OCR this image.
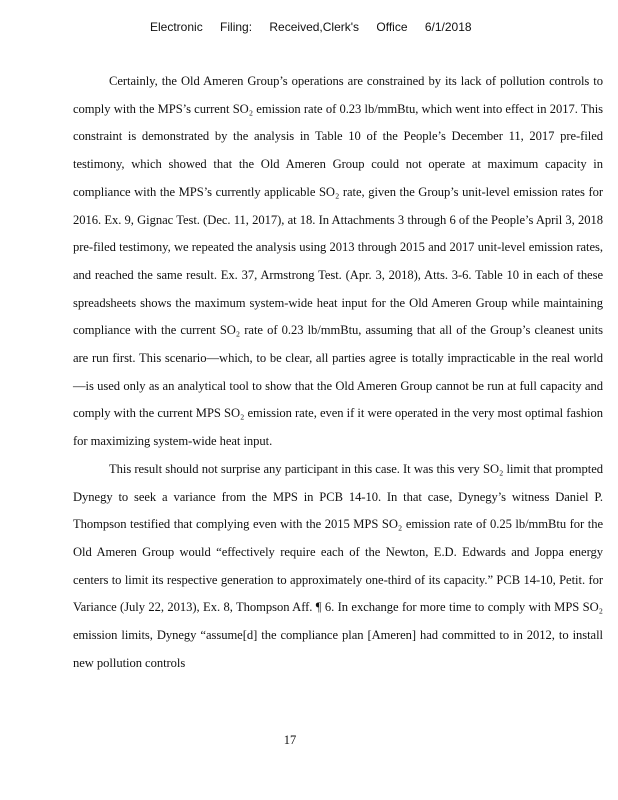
Electronic Filing: Received,Clerk's Office 6/1/2018

Certainly, the Old Ameren Group’s operations are constrained by its lack of pollution controls to comply with the MPS’s current SO₂ emission rate of 0.23 lb/mmBtu, which went into effect in 2017. This constraint is demonstrated by the analysis in Table 10 of the People’s December 11, 2017 pre-filed testimony, which showed that the Old Ameren Group could not operate at maximum capacity in compliance with the MPS’s currently applicable SO₂ rate, given the Group’s unit-level emission rates for 2016. Ex. 9, Gignac Test. (Dec. 11, 2017), at 18. In Attachments 3 through 6 of the People’s April 3, 2018 pre-filed testimony, we repeated the analysis using 2013 through 2015 and 2017 unit-level emission rates, and reached the same result. Ex. 37, Armstrong Test. (Apr. 3, 2018), Atts. 3-6. Table 10 in each of these spreadsheets shows the maximum system-wide heat input for the Old Ameren Group while maintaining compliance with the current SO₂ rate of 0.23 lb/mmBtu, assuming that all of the Group’s cleanest units are run first. This scenario—which, to be clear, all parties agree is totally impracticable in the real world—is used only as an analytical tool to show that the Old Ameren Group cannot be run at full capacity and comply with the current MPS SO₂ emission rate, even if it were operated in the very most optimal fashion for maximizing system-wide heat input.

This result should not surprise any participant in this case. It was this very SO₂ limit that prompted Dynegy to seek a variance from the MPS in PCB 14-10. In that case, Dynegy’s witness Daniel P. Thompson testified that complying even with the 2015 MPS SO₂ emission rate of 0.25 lb/mmBtu for the Old Ameren Group would “effectively require each of the Newton, E.D. Edwards and Joppa energy centers to limit its respective generation to approximately one-third of its capacity.” PCB 14-10, Petit. for Variance (July 22, 2013), Ex. 8, Thompson Aff. ¶ 6. In exchange for more time to comply with MPS SO₂ emission limits, Dynegy “assume[d] the compliance plan [Ameren] had committed to in 2012, to install new pollution controls

17
